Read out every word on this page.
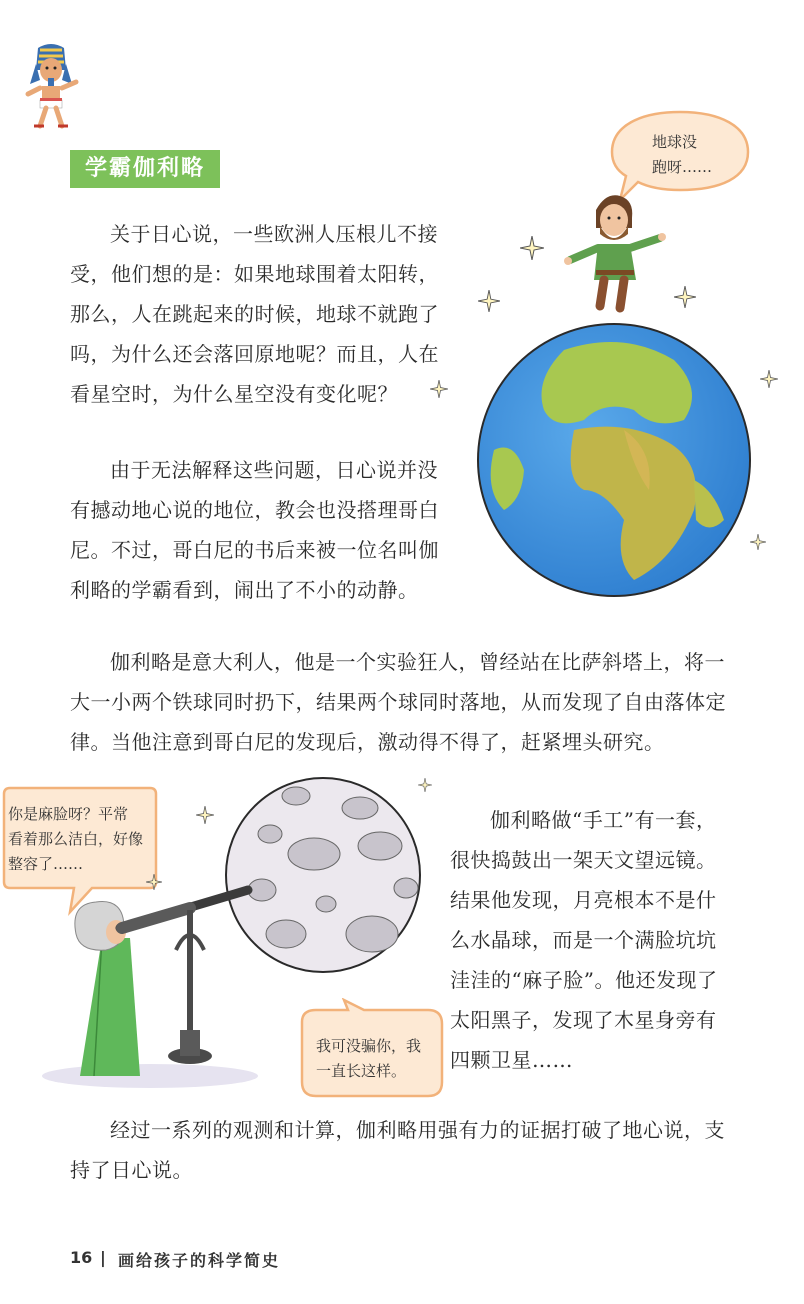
学霸伽利略

关于日心说，一些欧洲人压根儿不接受，他们想的是：如果地球围着太阳转，那么，人在跳起来的时候，地球不就跑了吗，为什么还会落回原地呢？而且，人在看星空时，为什么星空没有变化呢？

由于无法解释这些问题，日心说并没有撼动地心说的地位，教会也没搭理哥白尼。不过，哥白尼的书后来被一位名叫伽利略的学霸看到，闹出了不小的动静。

地球没
跑呀……

伽利略是意大利人，他是一个实验狂人，曾经站在比萨斜塔上，将一大一小两个铁球同时扔下，结果两个球同时落地，从而发现了自由落体定律。当他注意到哥白尼的发现后，激动得不得了，赶紧埋头研究。

你是麻脸呀？平常
看着那么洁白，好像
整容了……
我可没骗你，我
一直长这样。

伽利略做“手工”有一套，很快捣鼓出一架天文望远镜。结果他发现，月亮根本不是什么水晶球，而是一个满脸坑坑洼洼的“麻子脸”。他还发现了太阳黑子，发现了木星身旁有四颗卫星……

经过一系列的观测和计算，伽利略用强有力的证据打破了地心说，支持了日心说。

16 | 画给孩子的科学简史
